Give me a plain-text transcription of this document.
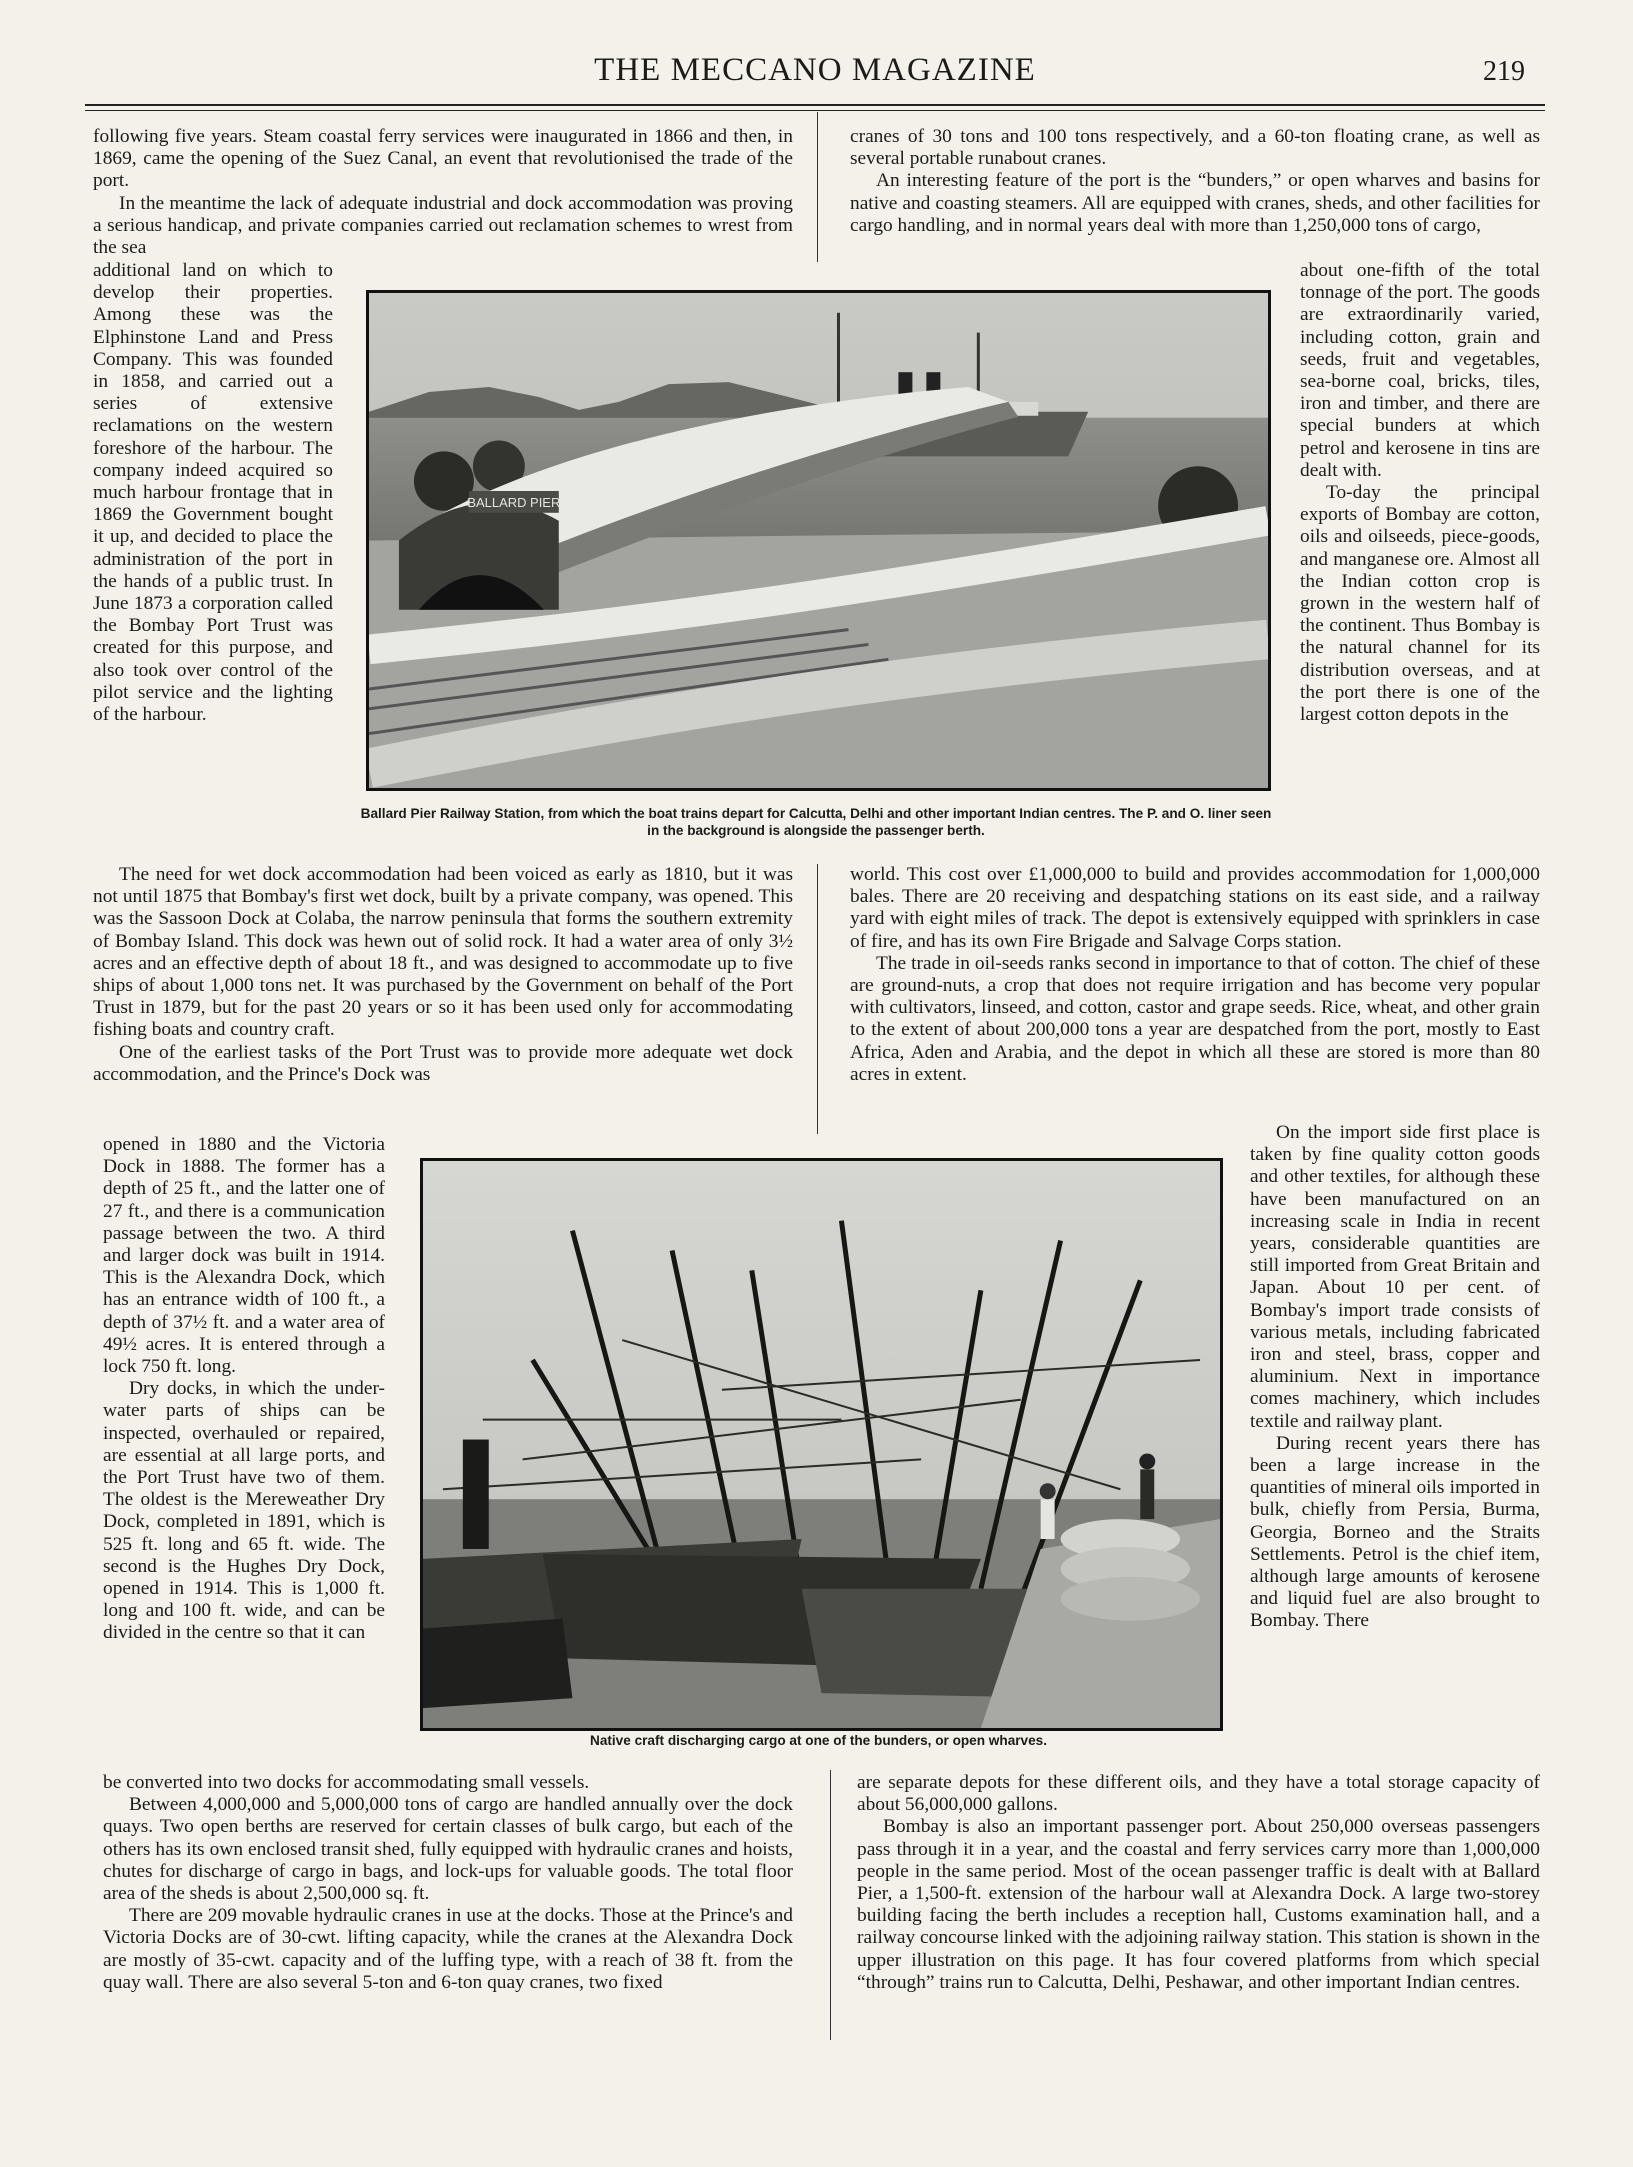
THE MECCANO MAGAZINE	219

following five years. Steam coastal ferry services were inaugurated in 1866 and then, in 1869, came the opening of the Suez Canal, an event that revolutionised the trade of the port.

In the meantime the lack of adequate industrial and dock accommodation was proving a serious handicap, and private companies carried out reclamation schemes to wrest from the sea

additional land on which to develop their properties. Among these was the Elphinstone Land and Press Company. This was founded in 1858, and carried out a series of extensive reclamations on the western foreshore of the harbour. The company indeed acquired so much harbour frontage that in 1869 the Government bought it up, and decided to place the administration of the port in the hands of a public trust. In June 1873 a corporation called the Bombay Port Trust was created for this purpose, and also took over control of the pilot service and the lighting of the harbour.

BALLARD PIER
Ballard Pier Railway Station, from which the boat trains depart for Calcutta, Delhi and other important Indian centres. The P. and O. liner seen in the background is alongside the passenger berth.

cranes of 30 tons and 100 tons respectively, and a 60-ton floating crane, as well as several portable runabout cranes.

An interesting feature of the port is the “bunders,” or open wharves and basins for native and coasting steamers. All are equipped with cranes, sheds, and other facilities for cargo handling, and in normal years deal with more than 1,250,000 tons of cargo,

about one-fifth of the total tonnage of the port. The goods are extraordinarily varied, including cotton, grain and seeds, fruit and vegetables, sea-borne coal, bricks, tiles, iron and timber, and there are special bunders at which petrol and kerosene in tins are dealt with.

To-day the principal exports of Bombay are cotton, oils and oilseeds, piece-goods, and manganese ore. Almost all the Indian cotton crop is grown in the western half of the continent. Thus Bombay is the natural channel for its distribution overseas, and at the port there is one of the largest cotton depots in the

The need for wet dock accommodation had been voiced as early as 1810, but it was not until 1875 that Bombay's first wet dock, built by a private company, was opened. This was the Sassoon Dock at Colaba, the narrow peninsula that forms the southern extremity of Bombay Island. This dock was hewn out of solid rock. It had a water area of only 3½ acres and an effective depth of about 18 ft., and was designed to accommodate up to five ships of about 1,000 tons net. It was purchased by the Government on behalf of the Port Trust in 1879, but for the past 20 years or so it has been used only for accommodating fishing boats and country craft.

One of the earliest tasks of the Port Trust was to provide more adequate wet dock accommodation, and the Prince's Dock was

world. This cost over £1,000,000 to build and provides accommodation for 1,000,000 bales. There are 20 receiving and despatching stations on its east side, and a railway yard with eight miles of track. The depot is extensively equipped with sprinklers in case of fire, and has its own Fire Brigade and Salvage Corps station.

The trade in oil-seeds ranks second in importance to that of cotton. The chief of these are ground-nuts, a crop that does not require irrigation and has become very popular with cultivators, linseed, and cotton, castor and grape seeds. Rice, wheat, and other grain to the extent of about 200,000 tons a year are despatched from the port, mostly to East Africa, Aden and Arabia, and the depot in which all these are stored is more than 80 acres in extent.

opened in 1880 and the Victoria Dock in 1888. The former has a depth of 25 ft., and the latter one of 27 ft., and there is a communication passage between the two. A third and larger dock was built in 1914. This is the Alexandra Dock, which has an entrance width of 100 ft., a depth of 37½ ft. and a water area of 49½ acres. It is entered through a lock 750 ft. long.

Dry docks, in which the under-water parts of ships can be inspected, overhauled or repaired, are essential at all large ports, and the Port Trust have two of them. The oldest is the Mereweather Dry Dock, completed in 1891, which is 525 ft. long and 65 ft. wide. The second is the Hughes Dry Dock, opened in 1914. This is 1,000 ft. long and 100 ft. wide, and can be divided in the centre so that it can

Native craft discharging cargo at one of the bunders, or open wharves.

On the import side first place is taken by fine quality cotton goods and other textiles, for although these have been manufactured on an increasing scale in India in recent years, considerable quantities are still imported from Great Britain and Japan. About 10 per cent. of Bombay's import trade consists of various metals, including fabricated iron and steel, brass, copper and aluminium. Next in importance comes machinery, which includes textile and railway plant.

During recent years there has been a large increase in the quantities of mineral oils imported in bulk, chiefly from Persia, Burma, Georgia, Borneo and the Straits Settlements. Petrol is the chief item, although large amounts of kerosene and liquid fuel are also brought to Bombay. There

be converted into two docks for accommodating small vessels.

Between 4,000,000 and 5,000,000 tons of cargo are handled annually over the dock quays. Two open berths are reserved for certain classes of bulk cargo, but each of the others has its own enclosed transit shed, fully equipped with hydraulic cranes and hoists, chutes for discharge of cargo in bags, and lock-ups for valuable goods. The total floor area of the sheds is about 2,500,000 sq. ft.

There are 209 movable hydraulic cranes in use at the docks. Those at the Prince's and Victoria Docks are of 30-cwt. lifting capacity, while the cranes at the Alexandra Dock are mostly of 35-cwt. capacity and of the luffing type, with a reach of 38 ft. from the quay wall. There are also several 5-ton and 6-ton quay cranes, two fixed

are separate depots for these different oils, and they have a total storage capacity of about 56,000,000 gallons.

Bombay is also an important passenger port. About 250,000 overseas passengers pass through it in a year, and the coastal and ferry services carry more than 1,000,000 people in the same period. Most of the ocean passenger traffic is dealt with at Ballard Pier, a 1,500-ft. extension of the harbour wall at Alexandra Dock. A large two-storey building facing the berth includes a reception hall, Customs examination hall, and a railway concourse linked with the adjoining railway station. This station is shown in the upper illustration on this page. It has four covered platforms from which special “through” trains run to Calcutta, Delhi, Peshawar, and other important Indian centres.
